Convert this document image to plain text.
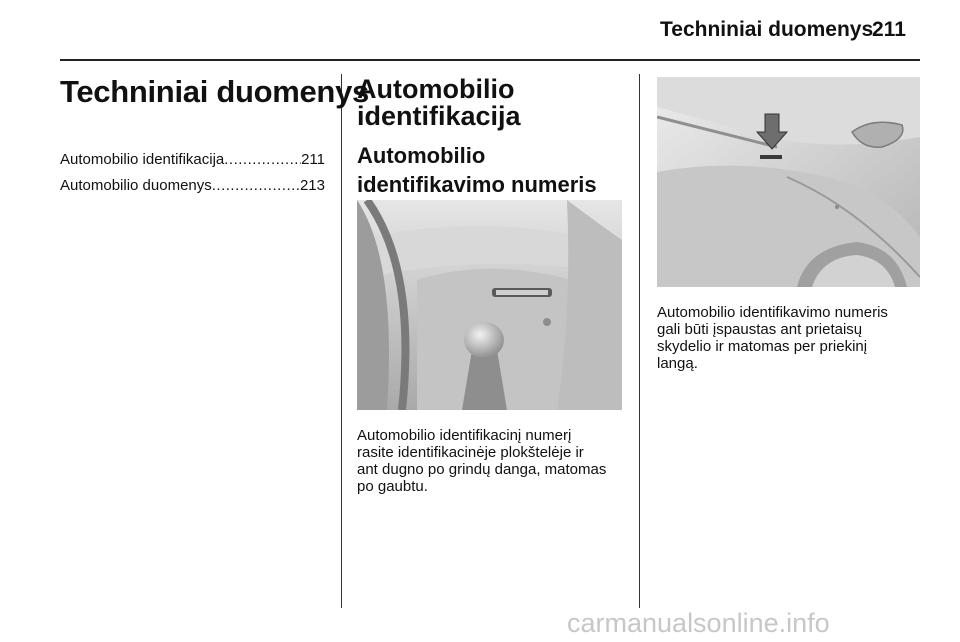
Techniniai duomenys
211
Techniniai duomenys
Automobilio identifikacija .....	211
Automobilio duomenys .....	213
Automobilio identifikacija
Automobilio identifikavimo numeris
Automobilio identifikacinį numerį
rasite identifikacinėje plokštelėje ir
ant dugno po grindų danga, matomas
po gaubtu.
Automobilio identifikavimo numeris
gali būti įspaustas ant prietaisų
skydelio ir matomas per priekinį
langą.
carmanualsonline.info
